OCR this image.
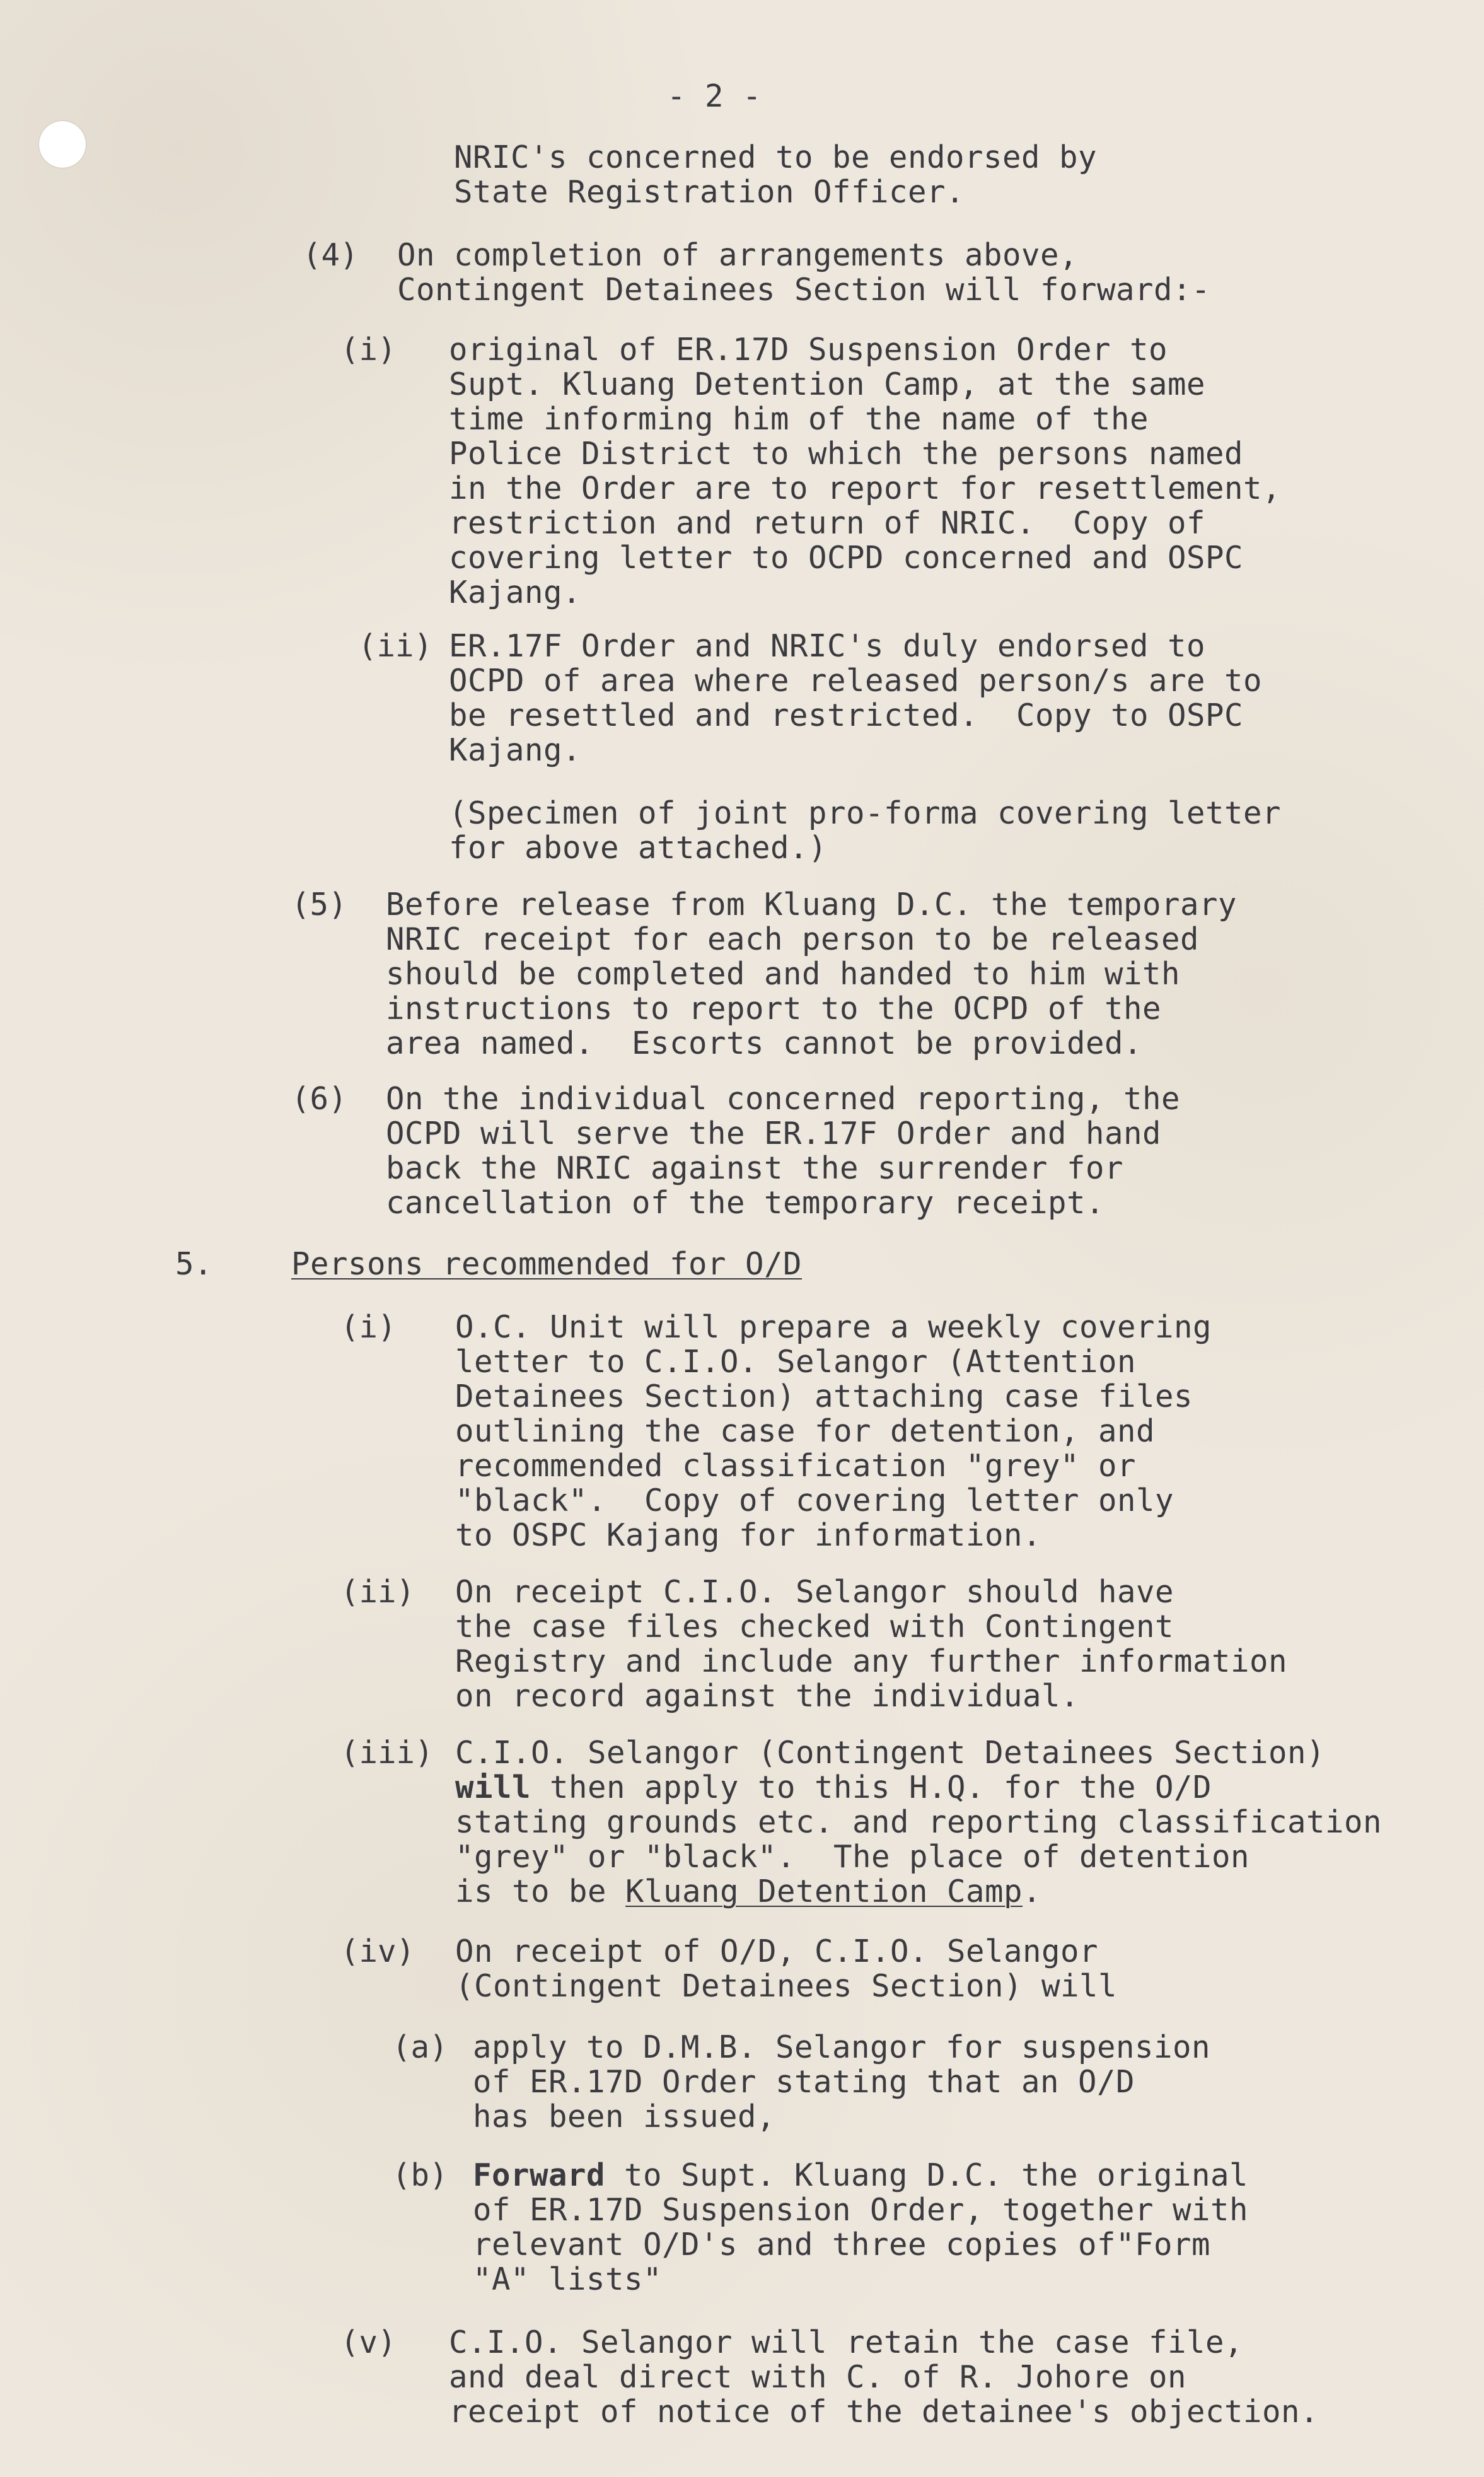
- 2 -
NRIC's concerned to be endorsed by
State Registration Officer.
(4) On completion of arrangements above,
Contingent Detainees Section will forward:-
(i) original of ER.17D Suspension Order to
Supt. Kluang Detention Camp, at the same
time informing him of the name of the
Police District to which the persons named
in the Order are to report for resettlement,
restriction and return of NRIC.  Copy of
covering letter to OCPD concerned and OSPC
Kajang.
(ii) ER.17F Order and NRIC's duly endorsed to
OCPD of area where released person/s are to
be resettled and restricted.  Copy to OSPC
Kajang.
(Specimen of joint pro-forma covering letter
for above attached.)
(5) Before release from Kluang D.C. the temporary
NRIC receipt for each person to be released
should be completed and handed to him with
instructions to report to the OCPD of the
area named.  Escorts cannot be provided.
(6) On the individual concerned reporting, the
OCPD will serve the ER.17F Order and hand
back the NRIC against the surrender for
cancellation of the temporary receipt.
5.	Persons recommended for O/D
(i) O.C. Unit will prepare a weekly covering
letter to C.I.O. Selangor (Attention
Detainees Section) attaching case files
outlining the case for detention, and
recommended classification "grey" or
"black".  Copy of covering letter only
to OSPC Kajang for information.
(ii) On receipt C.I.O. Selangor should have
the case files checked with Contingent
Registry and include any further information
on record against the individual.
(iii) C.I.O. Selangor (Contingent Detainees Section)
will then apply to this H.Q. for the O/D
stating grounds etc. and reporting classification
"grey" or "black".  The place of detention
is to be Kluang Detention Camp.
(iv) On receipt of O/D, C.I.O. Selangor
(Contingent Detainees Section) will
(a) apply to D.M.B. Selangor for suspension
of ER.17D Order stating that an O/D
has been issued,
(b) Forward to Supt. Kluang D.C. the original
of ER.17D Suspension Order, together with
relevant O/D's and three copies of"Form
"A" lists"
(v) C.I.O. Selangor will retain the case file,
and deal direct with C. of R. Johore on
receipt of notice of the detainee's objection.
